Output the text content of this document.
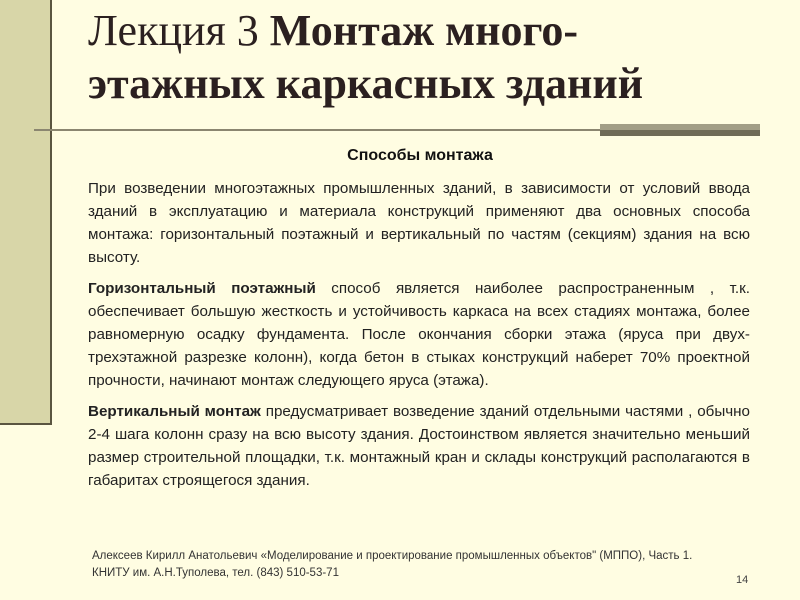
Лекция 3 Монтаж много-
этажных каркасных зданий
Способы монтажа

При возведении многоэтажных промышленных зданий, в зависимости от условий ввода зданий в эксплуатацию и материала конструкций применяют два основных способа монтажа: горизонтальный поэтажный и вертикальный по частям (секциям) здания на всю высоту.

Горизонтальный поэтажный способ является наиболее распространенным , т.к. обеспечивает большую жесткость и устойчивость каркаса на всех стадиях монтажа, более равномерную осадку фундамента. После окончания сборки этажа (яруса при двух- трехэтажной разрезке колонн), когда бетон в стыках конструкций наберет 70% проектной прочности, начинают монтаж следующего яруса (этажа).

Вертикальный монтаж предусматривает возведение зданий отдельными частями , обычно 2-4 шага колонн сразу на всю высоту здания. Достоинством является значительно меньший размер строительной площадки, т.к. монтажный кран и склады конструкций располагаются в габаритах строящегося здания.

Алексеев Кирилл Анатольевич «Моделирование и проектирование промышленных объектов" (МППО), Часть 1.
КНИТУ им. А.Н.Туполева, тел. (843) 510-53-71
14
